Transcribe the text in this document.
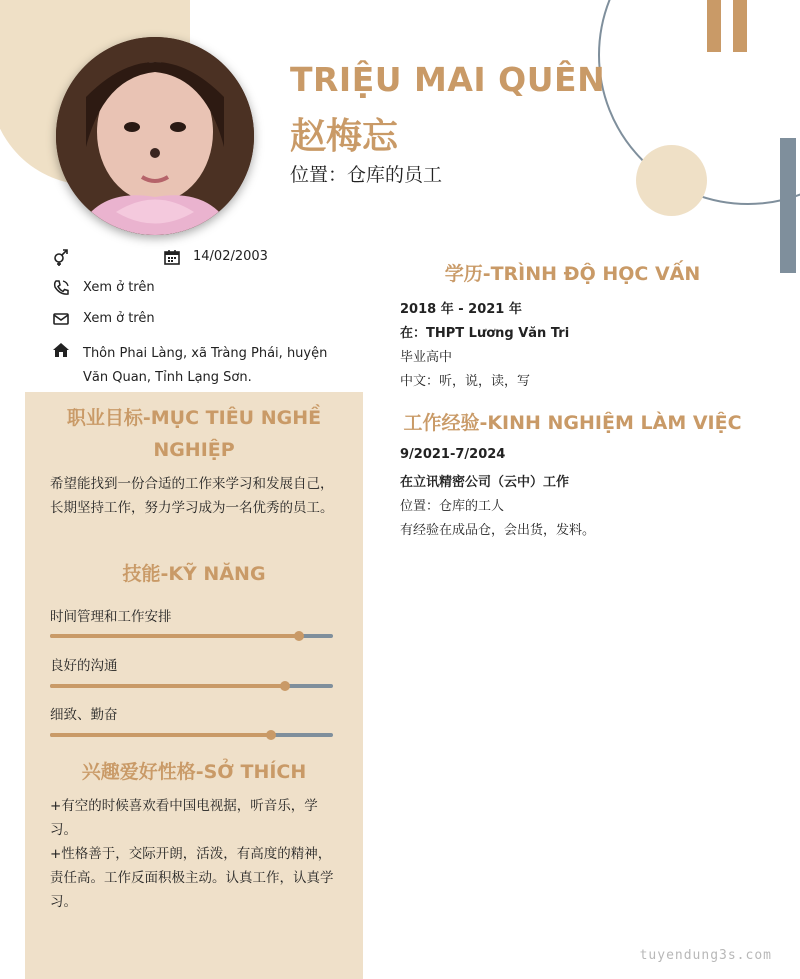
TRIỆU MAI QUÊN
赵梅忘
位置：仓库的员工
14/02/2003
Xem ở trên
Xem ở trên
Thôn Phai Làng, xã Tràng Phái, huyện Văn Quan, Tỉnh Lạng Sơn.
职业目标-MỤC TIÊU NGHỀ NGHIỆP
希望能找到一份合适的工作来学习和发展自己，长期坚持工作，努力学习成为一名优秀的员工。
技能-KỸ NĂNG
时间管理和工作安排
良好的沟通
细致、勤奋
兴趣爱好性格-SỞ THÍCH
+有空的时候喜欢看中国电视据，听音乐，学习。
+性格善于，交际开朗，活泼，有高度的精神，责任高。工作反面积极主动。认真工作，认真学习。
学历-TRÌNH ĐỘ HỌC VẤN
2018 年 - 2021 年
在：THPT Lương Văn Tri
毕业高中
中文：听，说，读，写
工作经验-KINH NGHIỆM LÀM VIỆC
9/2021-7/2024
在立讯精密公司（云中）工作
位置：仓库的工人
有经验在成品仓，会出货，发料。
tuyendung3s.com
